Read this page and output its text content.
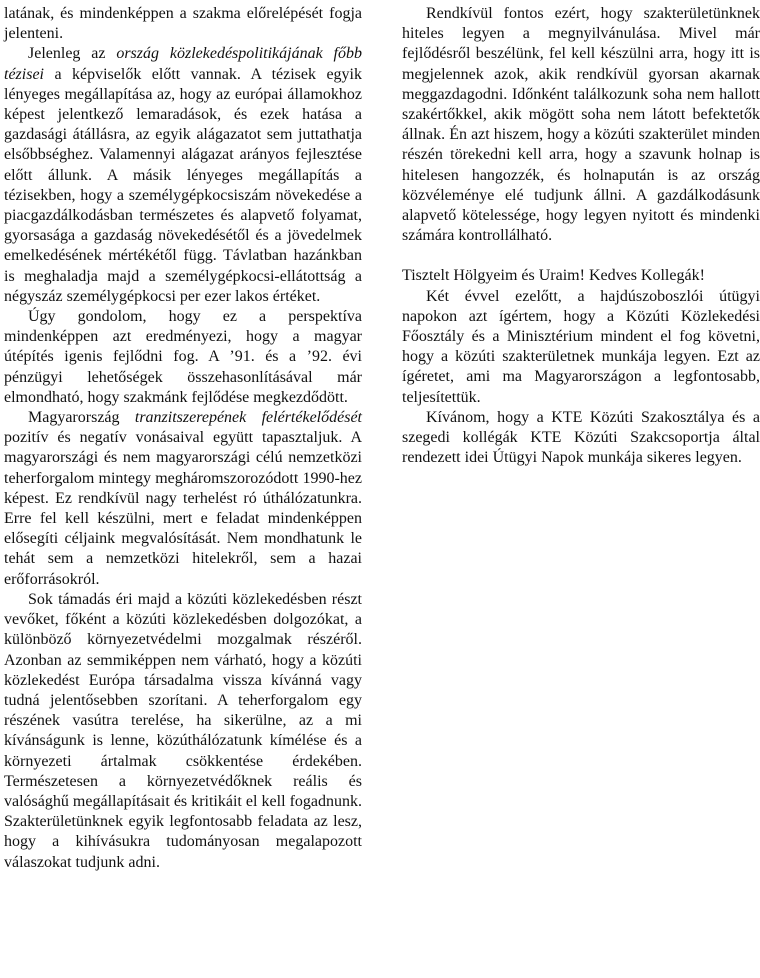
latának, és mindenképpen a szakma előrelépését fogja jelenteni.

Jelenleg az ország közlekedéspolitikájának főbb tézisei a képviselők előtt vannak. A tézisek egyik lényeges megállapítása az, hogy az európai államokhoz képest jelentkező lemaradások, és ezek hatása a gazdasági átállásra, az egyik alágazatot sem juttathatja elsőbbséghez. Valamennyi alágazat arányos fejlesztése előtt állunk. A másik lényeges megállapítás a tézisekben, hogy a személygépkocsiszám növekedése a piacgazdálkodásban természetes és alapvető folyamat, gyorsasága a gazdaság növekedésétől és a jövedelmek emelkedésének mértékétől függ. Távlatban hazánkban is meghaladja majd a személygépkocsi-ellátottság a négyszáz személygépkocsi per ezer lakos értéket.

Úgy gondolom, hogy ez a perspektíva mindenképpen azt eredményezi, hogy a magyar útépítés igenis fejlődni fog. A ’91. és a ’92. évi pénzügyi lehetőségek összehasonlításával már elmondható, hogy szakmánk fejlődése megkezdődött.

Magyarország tranzitszerepének felértékelődését pozitív és negatív vonásaival együtt tapasztaljuk. A magyarországi és nem magyarországi célú nemzetközi teherforgalom mintegy megháromszorozódott 1990-hez képest. Ez rendkívül nagy terhelést ró úthálózatunkra. Erre fel kell készülni, mert e feladat mindenképpen elősegíti céljaink megvalósítását. Nem mondhatunk le tehát sem a nemzetközi hitelekről, sem a hazai erőforrásokról.

Sok támadás éri majd a közúti közlekedésben részt vevőket, főként a közúti közlekedésben dolgozókat, a különböző környezetvédelmi mozgalmak részéről. Azonban az semmiképpen nem várható, hogy a közúti közlekedést Európa társadalma vissza kívánná vagy tudná jelentősebben szorítani. A teherforgalom egy részének vasútra terelése, ha sikerülne, az a mi kívánságunk is lenne, közúthálózatunk kímélése és a környezeti ártalmak csökkentése érdekében. Természetesen a környezetvédőknek reális és valósághű megállapításait és kritikáit el kell fogadnunk. Szakterületünknek egyik legfontosabb feladata az lesz, hogy a kihívásukra tudományosan megalapozott válaszokat tudjunk adni.

Rendkívül fontos ezért, hogy szakterületünknek hiteles legyen a megnyilvánulása. Mivel már fejlődésről beszélünk, fel kell készülni arra, hogy itt is megjelennek azok, akik rendkívül gyorsan akarnak meggazdagodni. Időnként találkozunk soha nem hallott szakértőkkel, akik mögött soha nem látott befektetők állnak. Én azt hiszem, hogy a közúti szakterület minden részén törekedni kell arra, hogy a szavunk holnap is hitelesen hangozzék, és holnapután is az ország közvéleménye elé tudjunk állni. A gazdálkodásunk alapvető kötelessége, hogy legyen nyitott és mindenki számára kontrollálható.

Tisztelt Hölgyeim és Uraim! Kedves Kollegák!

Két évvel ezelőtt, a hajdúszoboszlói útügyi napokon azt ígértem, hogy a Közúti Közlekedési Főosztály és a Minisztérium mindent el fog követni, hogy a közúti szakterületnek munkája legyen. Ezt az ígéretet, ami ma Magyarországon a legfontosabb, teljesítettük.

Kívánom, hogy a KTE Közúti Szakosztálya és a szegedi kollégák KTE Közúti Szakcsoportja által rendezett idei Útügyi Napok munkája sikeres legyen.
